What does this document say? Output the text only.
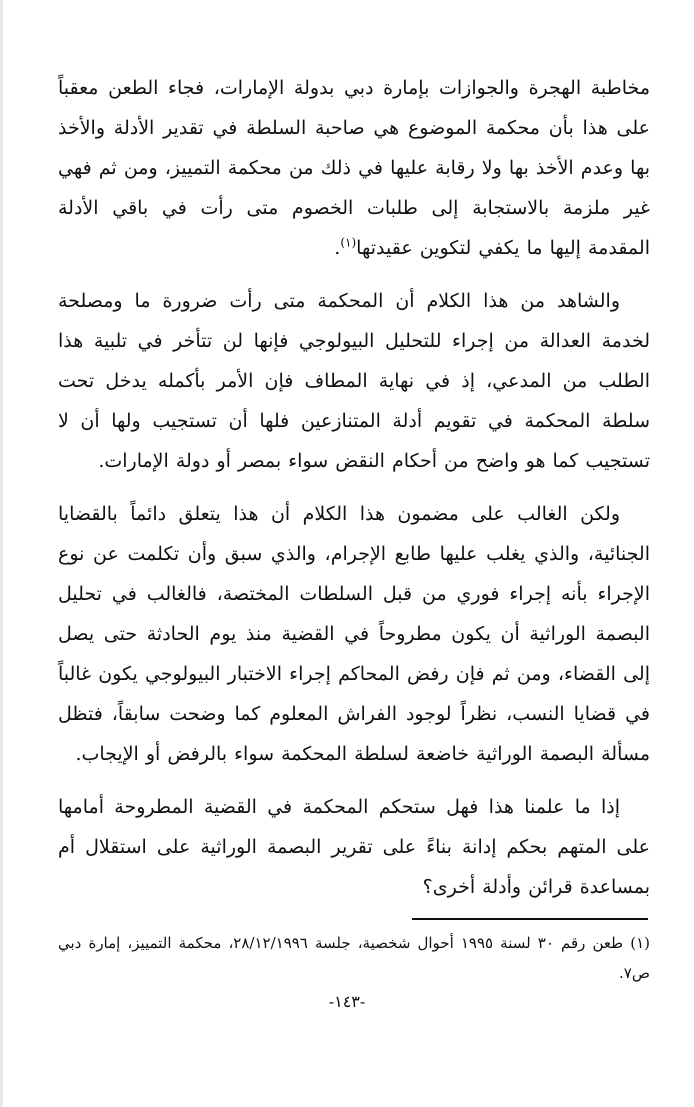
مخاطبة الهجرة والجوازات بإمارة دبي بدولة الإمارات، فجاء الطعن معقباً على هذا بأن محكمة الموضوع هي صاحبة السلطة في تقدير الأدلة والأخذ بها وعدم الأخذ بها ولا رقابة عليها في ذلك من محكمة التمييز، ومن ثم فهي غير ملزمة بالاستجابة إلى طلبات الخصوم متى رأت في باقي الأدلة المقدمة إليها ما يكفي لتكوين عقيدتها$^{(١)}$.

والشاهد من هذا الكلام أن المحكمة متى رأت ضرورة ما ومصلحة لخدمة العدالة من إجراء للتحليل البيولوجي فإنها لن تتأخر في تلبية هذا الطلب من المدعي، إذ في نهاية المطاف فإن الأمر بأكمله يدخل تحت سلطة المحكمة في تقويم أدلة المتنازعين فلها أن تستجيب ولها أن لا تستجيب كما هو واضح من أحكام النقض سواء بمصر أو دولة الإمارات.

ولكن الغالب على مضمون هذا الكلام أن هذا يتعلق دائماً بالقضايا الجنائية، والذي يغلب عليها طابع الإجرام، والذي سبق وأن تكلمت عن نوع الإجراء بأنه إجراء فوري من قبل السلطات المختصة، فالغالب في تحليل البصمة الوراثية أن يكون مطروحاً في القضية منذ يوم الحادثة حتى يصل إلى القضاء، ومن ثم فإن رفض المحاكم إجراء الاختبار البيولوجي يكون غالباً في قضايا النسب، نظراً لوجود الفراش المعلوم كما وضحت سابقاً، فتظل مسألة البصمة الوراثية خاضعة لسلطة المحكمة سواء بالرفض أو الإيجاب.

إذا ما علمنا هذا فهل ستحكم المحكمة في القضية المطروحة أمامها على المتهم بحكم إدانة بناءً على تقرير البصمة الوراثية على استقلال أم بمساعدة قرائن وأدلة أخرى؟

(١) طعن رقم ٣٠ لسنة ١٩٩٥ أحوال شخصية، جلسة ٢٨/١٢/١٩٩٦، محكمة التمييز، إمارة دبي ص٧.

-١٤٣-
